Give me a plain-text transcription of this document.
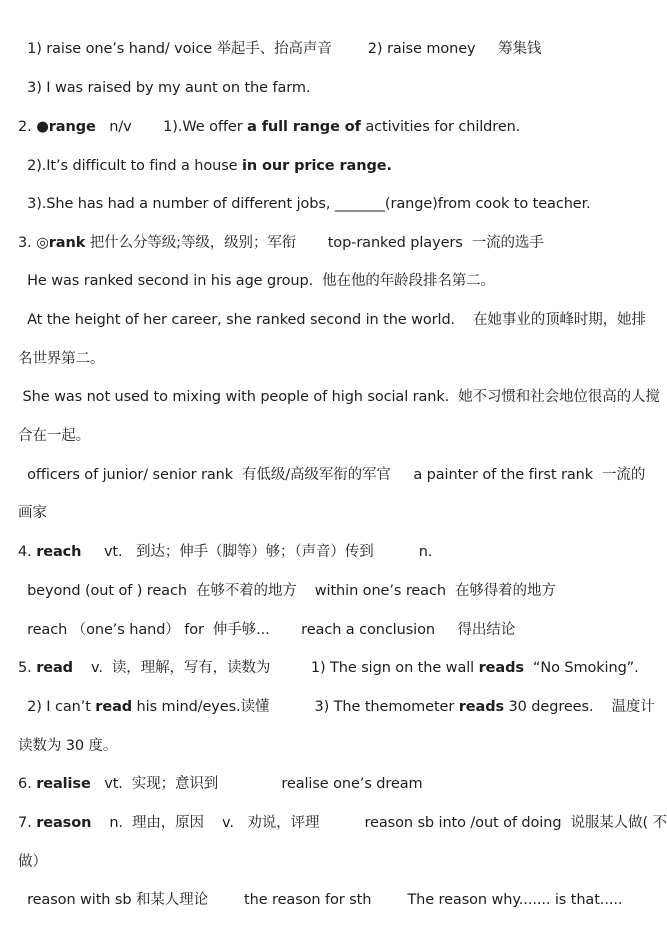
1) raise one’s hand/ voice 举起手、抬高声音        2) raise money     筹集钱

3) I was raised by my aunt on the farm.

2. ●range   n/v       1).We offer a full range of activities for children.

2).It’s difficult to find a house in our price range.

3).She has had a number of different jobs, _______(range)from cook to teacher.

3. ◎rank 把什么分等级;等级，级别；军衔       top-ranked players  一流的选手

He was ranked second in his age group.  他在他的年龄段排名第二。

At the height of her career, she ranked second in the world.    在她事业的顶峰时期，她排

名世界第二。

She was not used to mixing with people of high social rank.  她不习惯和社会地位很高的人搅

合在一起。

officers of junior/ senior rank  有低级/高级军衔的军官     a painter of the first rank  一流的

画家

4. reach     vt.   到达；伸手（脚等）够；（声音）传到          n.

beyond (out of ) reach  在够不着的地方    within one’s reach  在够得着的地方

reach （one’s hand） for  伸手够...       reach a conclusion     得出结论

5. read    v.  读，理解，写有，读数为         1) The sign on the wall reads  “No Smoking”.

2) I can’t read his mind/eyes.读懂          3) The themometer reads 30 degrees.    温度计

读数为 30 度。

6. realise   vt.  实现；意识到              realise one’s dream

7. reason    n.  理由，原因    v.   劝说，评理          reason sb into /out of doing  说服某人做( 不

做）

reason with sb 和某人理论        the reason for sth        The reason why....... is that.....
